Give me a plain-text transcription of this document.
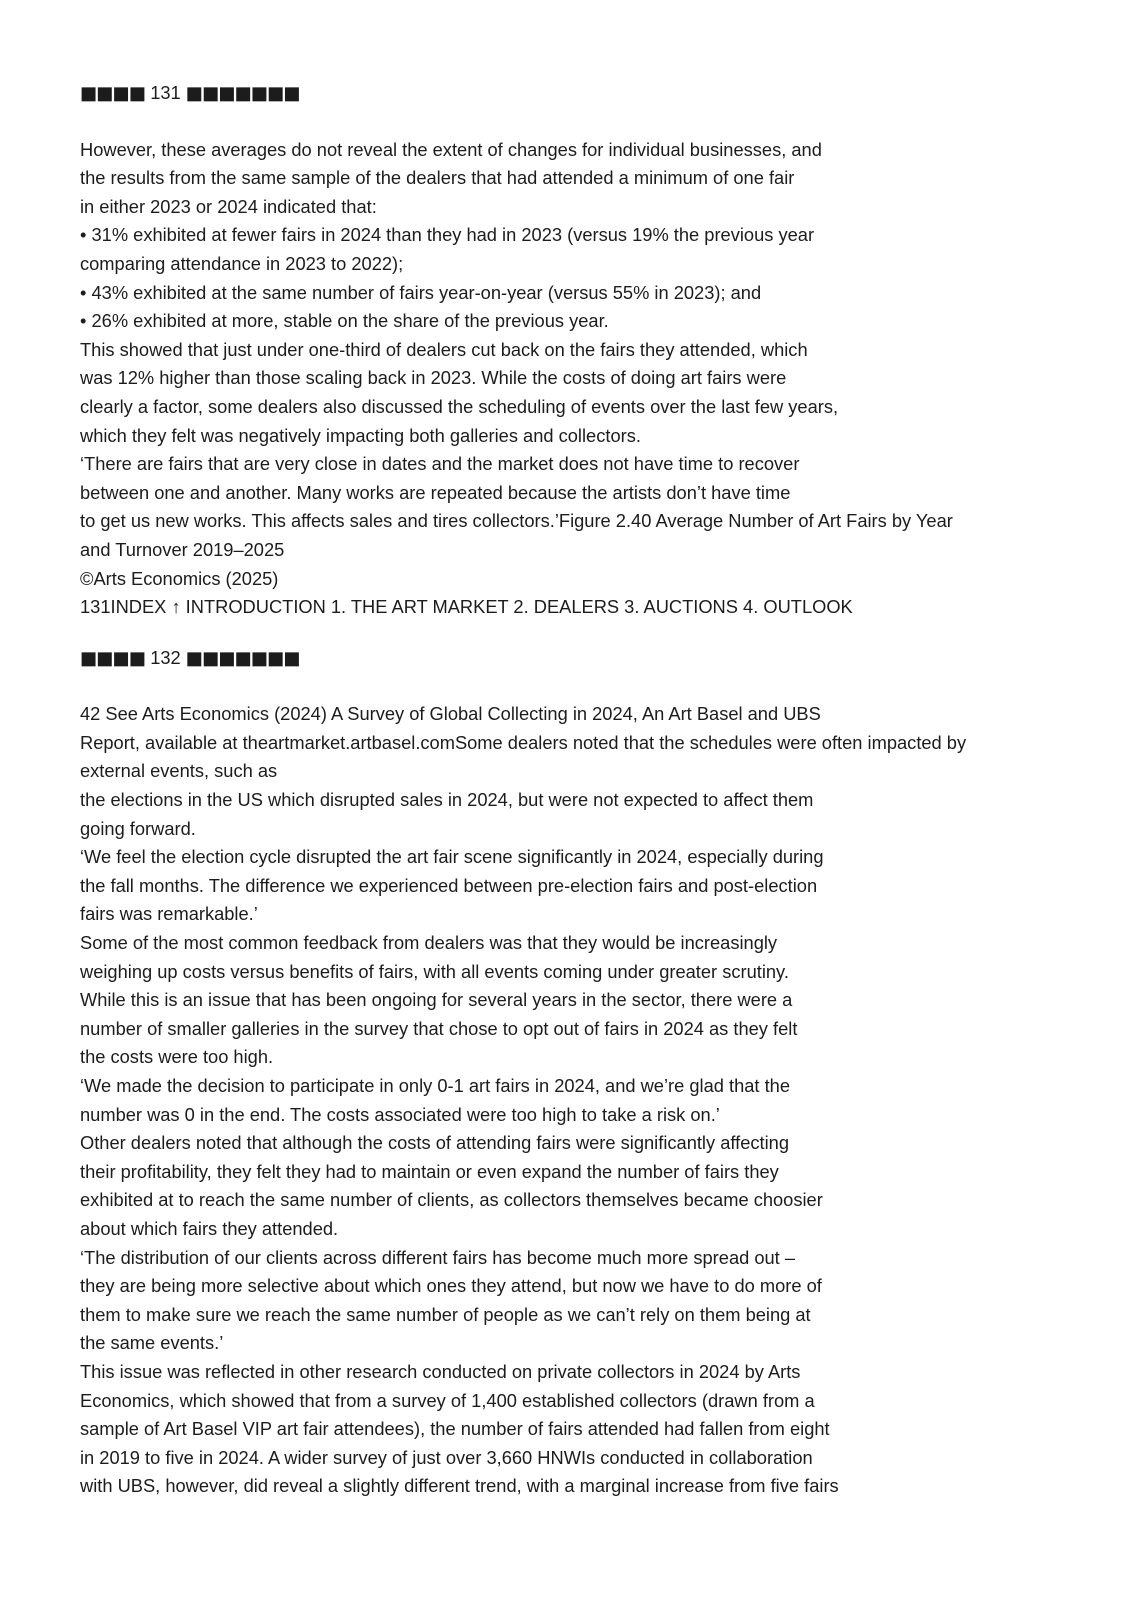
■■■■ 131 ■■■■■■■
However, these averages do not reveal the extent of changes for individual businesses, and
the results from the same sample of the dealers that had attended a minimum of one fair
in either 2023 or 2024 indicated that:
• 31% exhibited at fewer fairs in 2024 than they had in 2023 (versus 19% the previous year
comparing attendance in 2023 to 2022);
• 43% exhibited at the same number of fairs year-on-year (versus 55% in 2023); and
• 26% exhibited at more, stable on the share of the previous year.
This showed that just under one-third of dealers cut back on the fairs they attended, which
was 12% higher than those scaling back in 2023. While the costs of doing art fairs were
clearly a factor, some dealers also discussed the scheduling of events over the last few years,
which they felt was negatively impacting both galleries and collectors.
‘There are fairs that are very close in dates and the market does not have time to recover
between one and another. Many works are repeated because the artists don’t have time
to get us new works. This affects sales and tires collectors.’Figure 2.40 Average Number of Art Fairs by Year
and Turnover 2019–2025
©Arts Economics (2025)
131INDEX ↑ INTRODUCTION 1. THE ART MARKET 2. DEALERS 3. AUCTIONS 4. OUTLOOK
■■■■ 132 ■■■■■■■
42 See Arts Economics (2024) A Survey of Global Collecting in 2024, An Art Basel and UBS
Report, available at theartmarket.artbasel.comSome dealers noted that the schedules were often impacted by
external events, such as
the elections in the US which disrupted sales in 2024, but were not expected to affect them
going forward.
‘We feel the election cycle disrupted the art fair scene significantly in 2024, especially during
the fall months. The difference we experienced between pre-election fairs and post-election
fairs was remarkable.’
Some of the most common feedback from dealers was that they would be increasingly
weighing up costs versus benefits of fairs, with all events coming under greater scrutiny.
While this is an issue that has been ongoing for several years in the sector, there were a
number of smaller galleries in the survey that chose to opt out of fairs in 2024 as they felt
the costs were too high.
‘We made the decision to participate in only 0-1 art fairs in 2024, and we’re glad that the
number was 0 in the end. The costs associated were too high to take a risk on.’
Other dealers noted that although the costs of attending fairs were significantly affecting
their profitability, they felt they had to maintain or even expand the number of fairs they
exhibited at to reach the same number of clients, as collectors themselves became choosier
about which fairs they attended.
‘The distribution of our clients across different fairs has become much more spread out –
they are being more selective about which ones they attend, but now we have to do more of
them to make sure we reach the same number of people as we can’t rely on them being at
the same events.’
This issue was reflected in other research conducted on private collectors in 2024 by Arts
Economics, which showed that from a survey of 1,400 established collectors (drawn from a
sample of Art Basel VIP art fair attendees), the number of fairs attended had fallen from eight
in 2019 to five in 2024. A wider survey of just over 3,660 HNWIs conducted in collaboration
with UBS, however, did reveal a slightly different trend, with a marginal increase from five fairs
